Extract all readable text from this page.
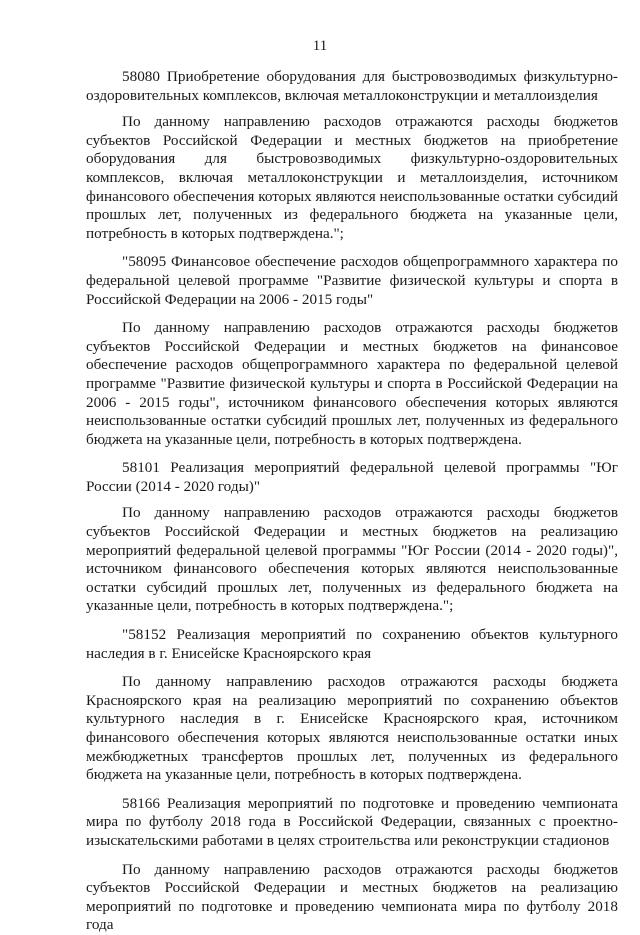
11

58080 Приобретение оборудования для быстровозводимых физкультурно-оздоровительных комплексов, включая металлоконструкции и металлоизделия

По данному направлению расходов отражаются расходы бюджетов субъектов Российской Федерации и местных бюджетов на приобретение оборудования для быстровозводимых физкультурно-оздоровительных комплексов, включая металлоконструкции и металлоизделия, источником финансового обеспечения которых являются неиспользованные остатки субсидий прошлых лет, полученных из федерального бюджета на указанные цели, потребность в которых подтверждена.";

"58095 Финансовое обеспечение расходов общепрограммного характера по федеральной целевой программе "Развитие физической культуры и спорта в Российской Федерации на 2006 - 2015 годы"

По данному направлению расходов отражаются расходы бюджетов субъектов Российской Федерации и местных бюджетов на финансовое обеспечение расходов общепрограммного характера по федеральной целевой программе "Развитие физической культуры и спорта в Российской Федерации на 2006 - 2015 годы", источником финансового обеспечения которых являются неиспользованные остатки субсидий прошлых лет, полученных из федерального бюджета на указанные цели, потребность в которых подтверждена.

58101 Реализация мероприятий федеральной целевой программы "Юг России (2014 - 2020 годы)"

По данному направлению расходов отражаются расходы бюджетов субъектов Российской Федерации и местных бюджетов на реализацию мероприятий федеральной целевой программы "Юг России (2014 - 2020 годы)", источником финансового обеспечения которых являются неиспользованные остатки субсидий прошлых лет, полученных из федерального бюджета на указанные цели, потребность в которых подтверждена.";

"58152 Реализация мероприятий по сохранению объектов культурного наследия в г. Енисейске Красноярского края

По данному направлению расходов отражаются расходы бюджета Красноярского края на реализацию мероприятий по сохранению объектов культурного наследия в г. Енисейске Красноярского края, источником финансового обеспечения которых являются неиспользованные остатки иных межбюджетных трансфертов прошлых лет, полученных из федерального бюджета на указанные цели, потребность в которых подтверждена.

58166 Реализация мероприятий по подготовке и проведению чемпионата мира по футболу 2018 года в Российской Федерации, связанных с проектно-изыскательскими работами в целях строительства или реконструкции стадионов

По данному направлению расходов отражаются расходы бюджетов субъектов Российской Федерации и местных бюджетов на реализацию мероприятий по подготовке и проведению чемпионата мира по футболу 2018 года
